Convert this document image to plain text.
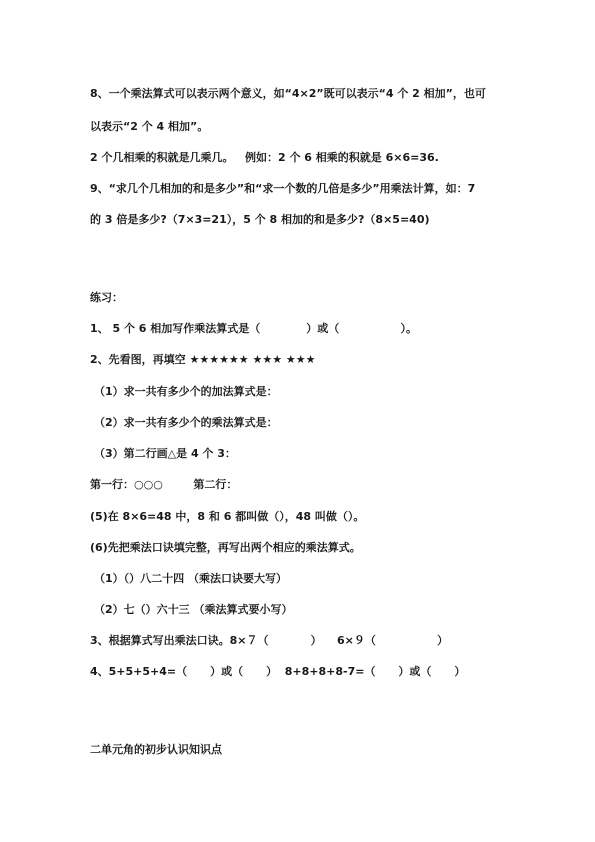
8、一个乘法算式可以表示两个意义，如“4×2”既可以表示“4 个 2 相加”，也可

以表示“2 个 4 相加”。

2 个几相乘的积就是几乘几。   例如：2 个 6 相乘的积就是 6×6=36.

9、“求几个几相加的和是多少”和“求一个数的几倍是多少”用乘法计算，如：7

的 3 倍是多少?（7×3=21），5 个 8 相加的和是多少?（8×5=40)

练习：

1、 5 个 6 相加写作乘法算式是（            ）或（                ）。

2、先看图，再填空 ★★★★★★ ★★★ ★★★

（1）求一共有多少个的加法算式是：

（2）求一共有多少个的乘法算式是：

（3）第二行画△是 4 个 3：

第一行：○○○        第二行：

(5)在 8×6=48 中，8 和 6 都叫做（），48 叫做（）。

(6)先把乘法口诀填完整，再写出两个相应的乘法算式。

（1）（）八二十四 （乘法口诀要大写）

（2）七（）六十三 （乘法算式要小写）

3、根据算式写出乘法口诀。8×７（           ）    6×９（                ）

4、5+5+5+4=（      ）或（      ）  8+8+8+8-7=（      ）或（      ）

二单元角的初步认识知识点
